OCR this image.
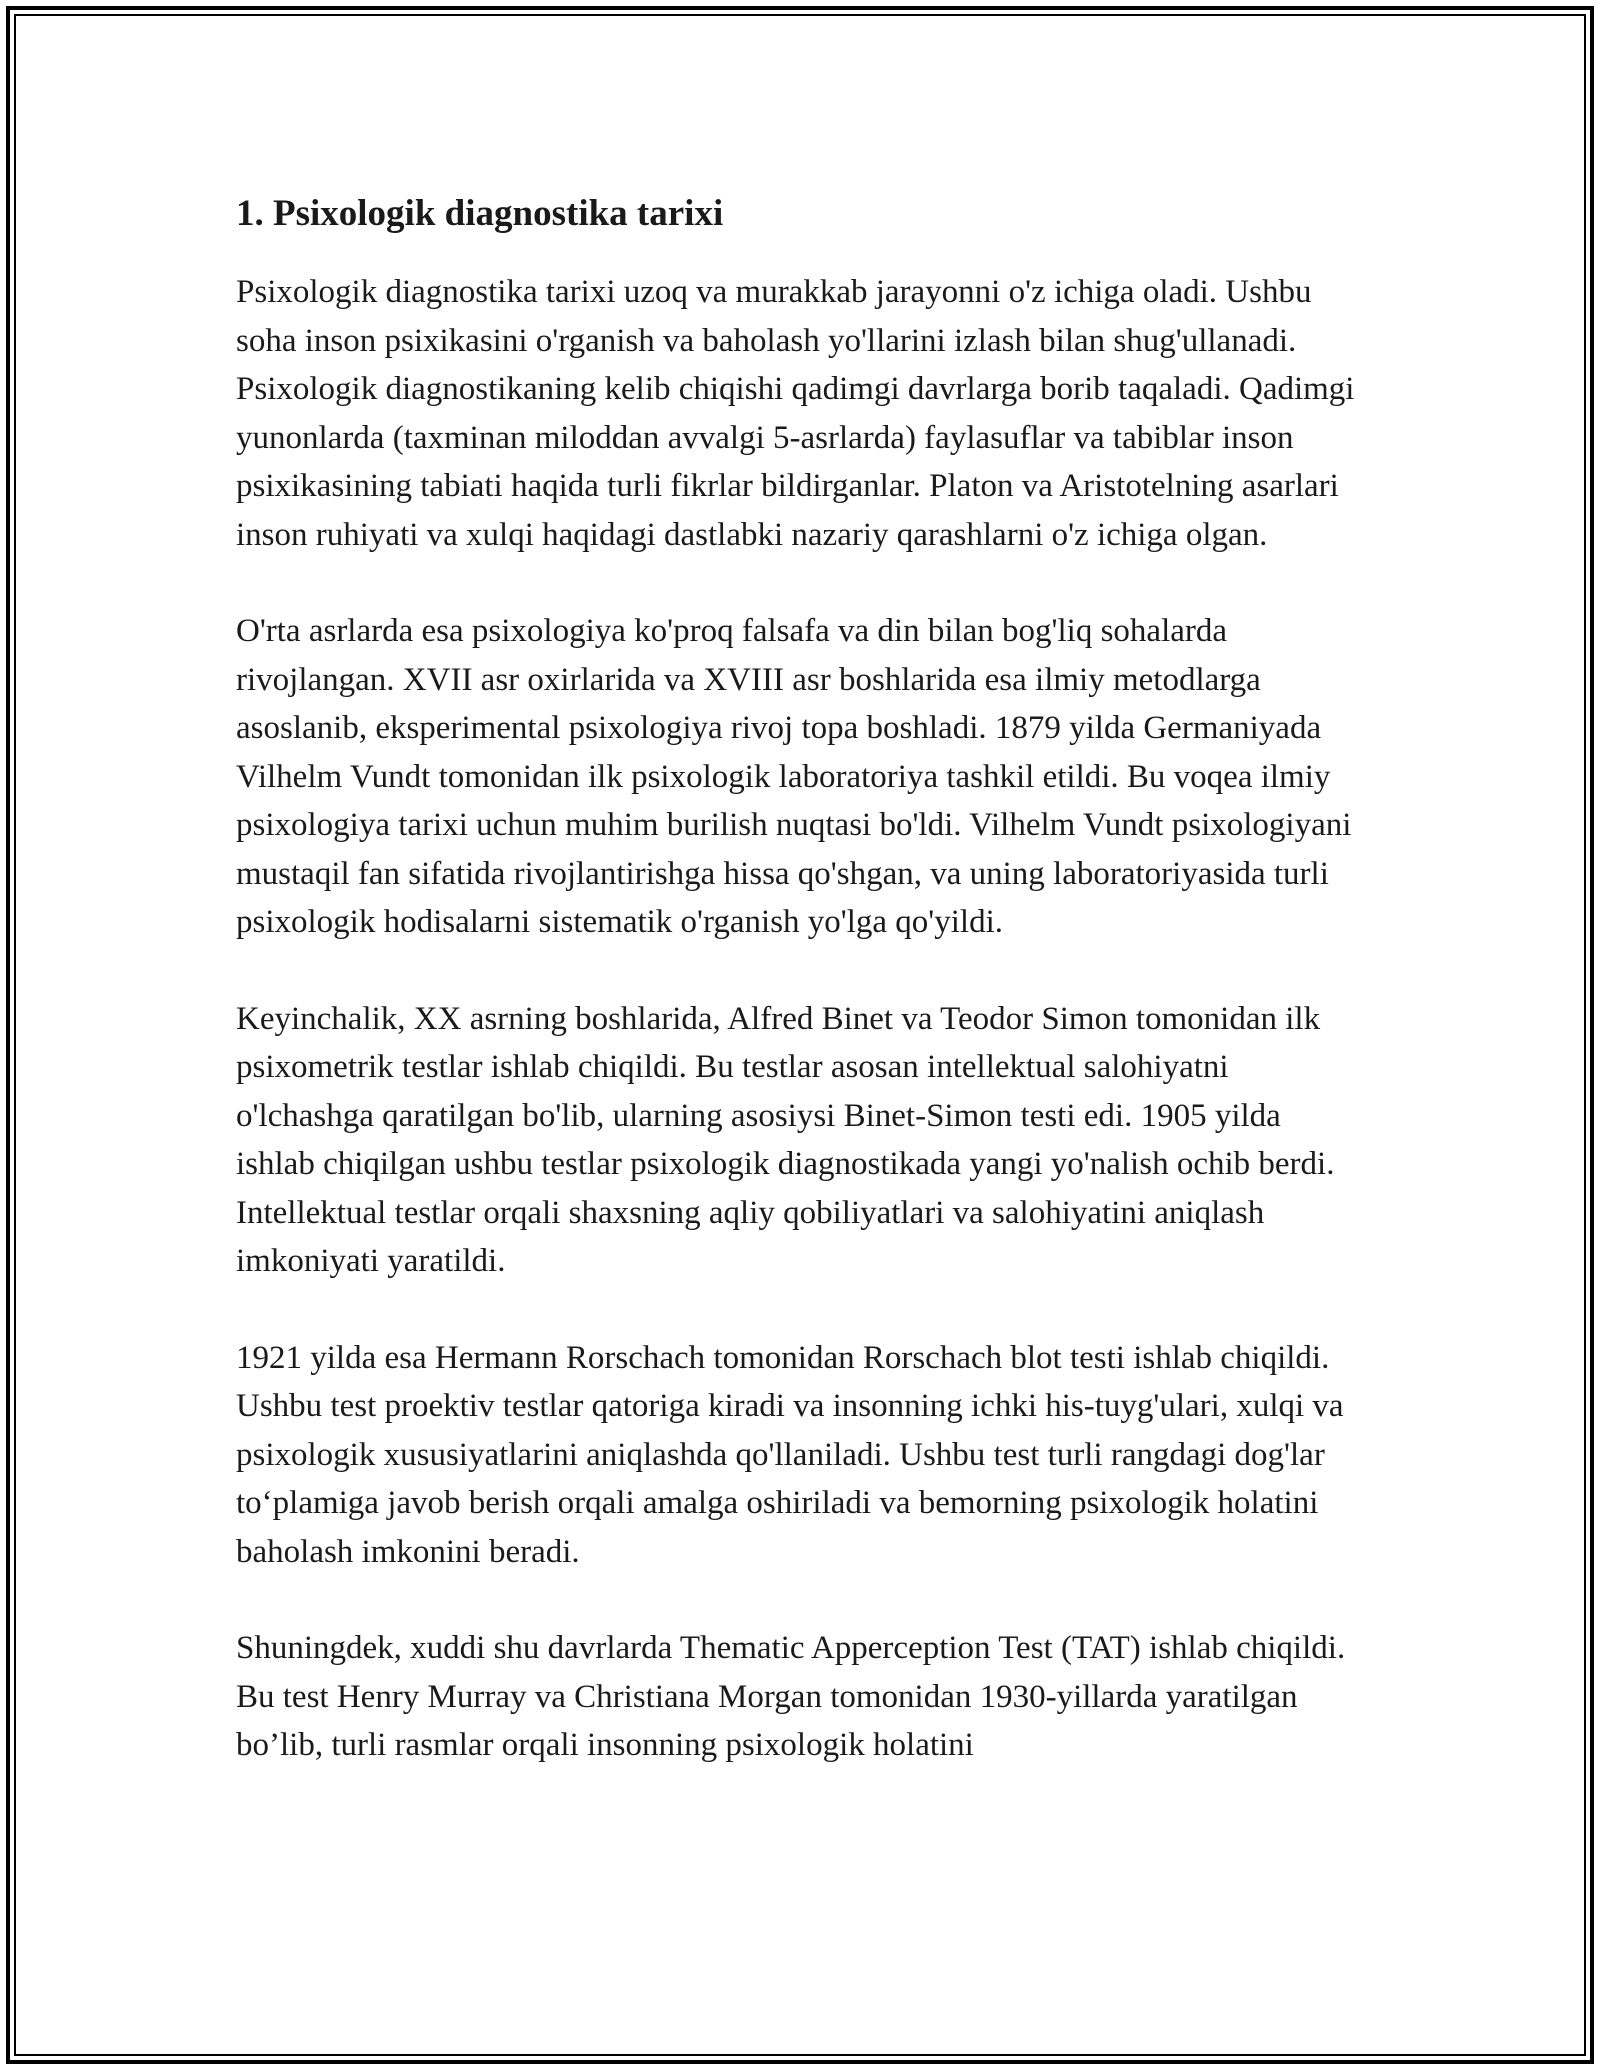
1. Psixologik diagnostika tarixi

Psixologik diagnostika tarixi uzoq va murakkab jarayonni o'z ichiga oladi. Ushbu soha inson psixikasini o'rganish va baholash yo'llarini izlash bilan shug'ullanadi. Psixologik diagnostikaning kelib chiqishi qadimgi davrlarga borib taqaladi. Qadimgi yunonlarda (taxminan miloddan avvalgi 5-asrlarda) faylasuflar va tabiblar inson psixikasining tabiati haqida turli fikrlar bildirganlar. Platon va Aristotelning asarlari inson ruhiyati va xulqi haqidagi dastlabki nazariy qarashlarni o'z ichiga olgan.

O'rta asrlarda esa psixologiya ko'proq falsafa va din bilan bog'liq sohalarda rivojlangan. XVII asr oxirlarida va XVIII asr boshlarida esa ilmiy metodlarga asoslanib, eksperimental psixologiya rivoj topa boshladi. 1879 yilda Germaniyada Vilhelm Vundt tomonidan ilk psixologik laboratoriya tashkil etildi. Bu voqea ilmiy psixologiya tarixi uchun muhim burilish nuqtasi bo'ldi. Vilhelm Vundt psixologiyani mustaqil fan sifatida rivojlantirishga hissa qo'shgan, va uning laboratoriyasida turli psixologik hodisalarni sistematik o'rganish yo'lga qo'yildi.

Keyinchalik, XX asrning boshlarida, Alfred Binet va Teodor Simon tomonidan ilk psixometrik testlar ishlab chiqildi. Bu testlar asosan intellektual salohiyatni o'lchashga qaratilgan bo'lib, ularning asosiysi Binet-Simon testi edi. 1905 yilda ishlab chiqilgan ushbu testlar psixologik diagnostikada yangi yo'nalish ochib berdi. Intellektual testlar orqali shaxsning aqliy qobiliyatlari va salohiyatini aniqlash imkoniyati yaratildi.

1921 yilda esa Hermann Rorschach tomonidan Rorschach blot testi ishlab chiqildi. Ushbu test proektiv testlar qatoriga kiradi va insonning ichki his-tuyg'ulari, xulqi va psixologik xususiyatlarini aniqlashda qo'llaniladi. Ushbu test turli rangdagi dog'lar to‘plamiga javob berish orqali amalga oshiriladi va bemorning psixologik holatini baholash imkonini beradi.

Shuningdek, xuddi shu davrlarda Thematic Apperception Test (TAT) ishlab chiqildi. Bu test Henry Murray va Christiana Morgan tomonidan 1930-yillarda yaratilgan bo’lib, turli rasmlar orqali insonning psixologik holatini
